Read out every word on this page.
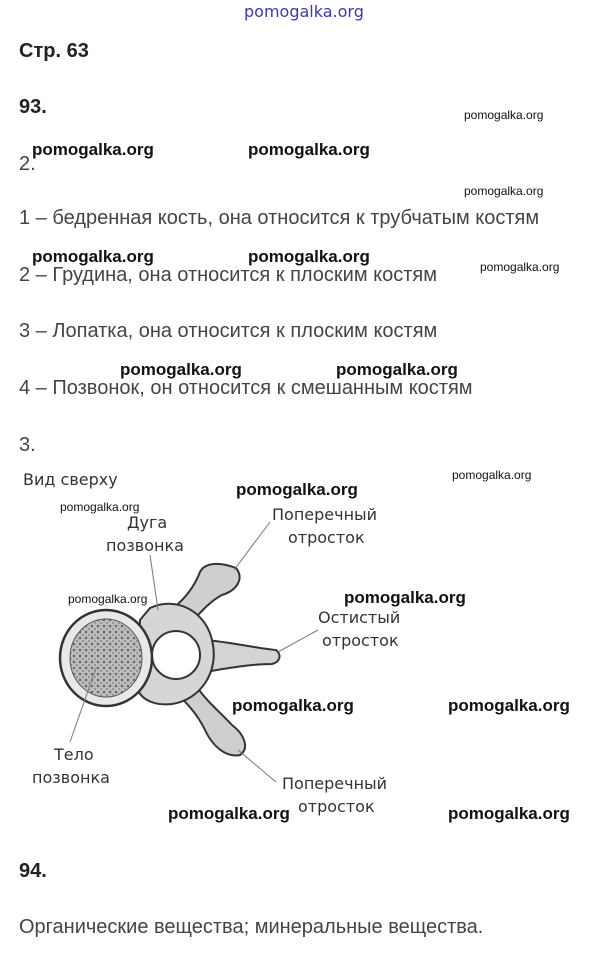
pomogalka.org
Стр. 63
93.
2.
1 – бедренная кость, она относится к трубчатым костям
2 – Грудина, она относится к плоским костям
3 – Лопатка, она относится к плоским костям
4 – Позвонок, он относится к смешанным костям
3.
Вид сверху
Дуга
позвонка
Поперечный
отросток
Остистый
отросток
Тело
позвонка	Поперечный
отросток
94.
Органические вещества; минеральные вещества.
pomogalka.org
pomogalka.org	pomogalka.org
pomogalka.org
pomogalka.org	pomogalka.org
pomogalka.org
pomogalka.org	pomogalka.org
pomogalka.org
pomogalka.org
pomogalka.org
pomogalka.org	pomogalka.org
pomogalka.org	pomogalka.org
pomogalka.org	pomogalka.org
